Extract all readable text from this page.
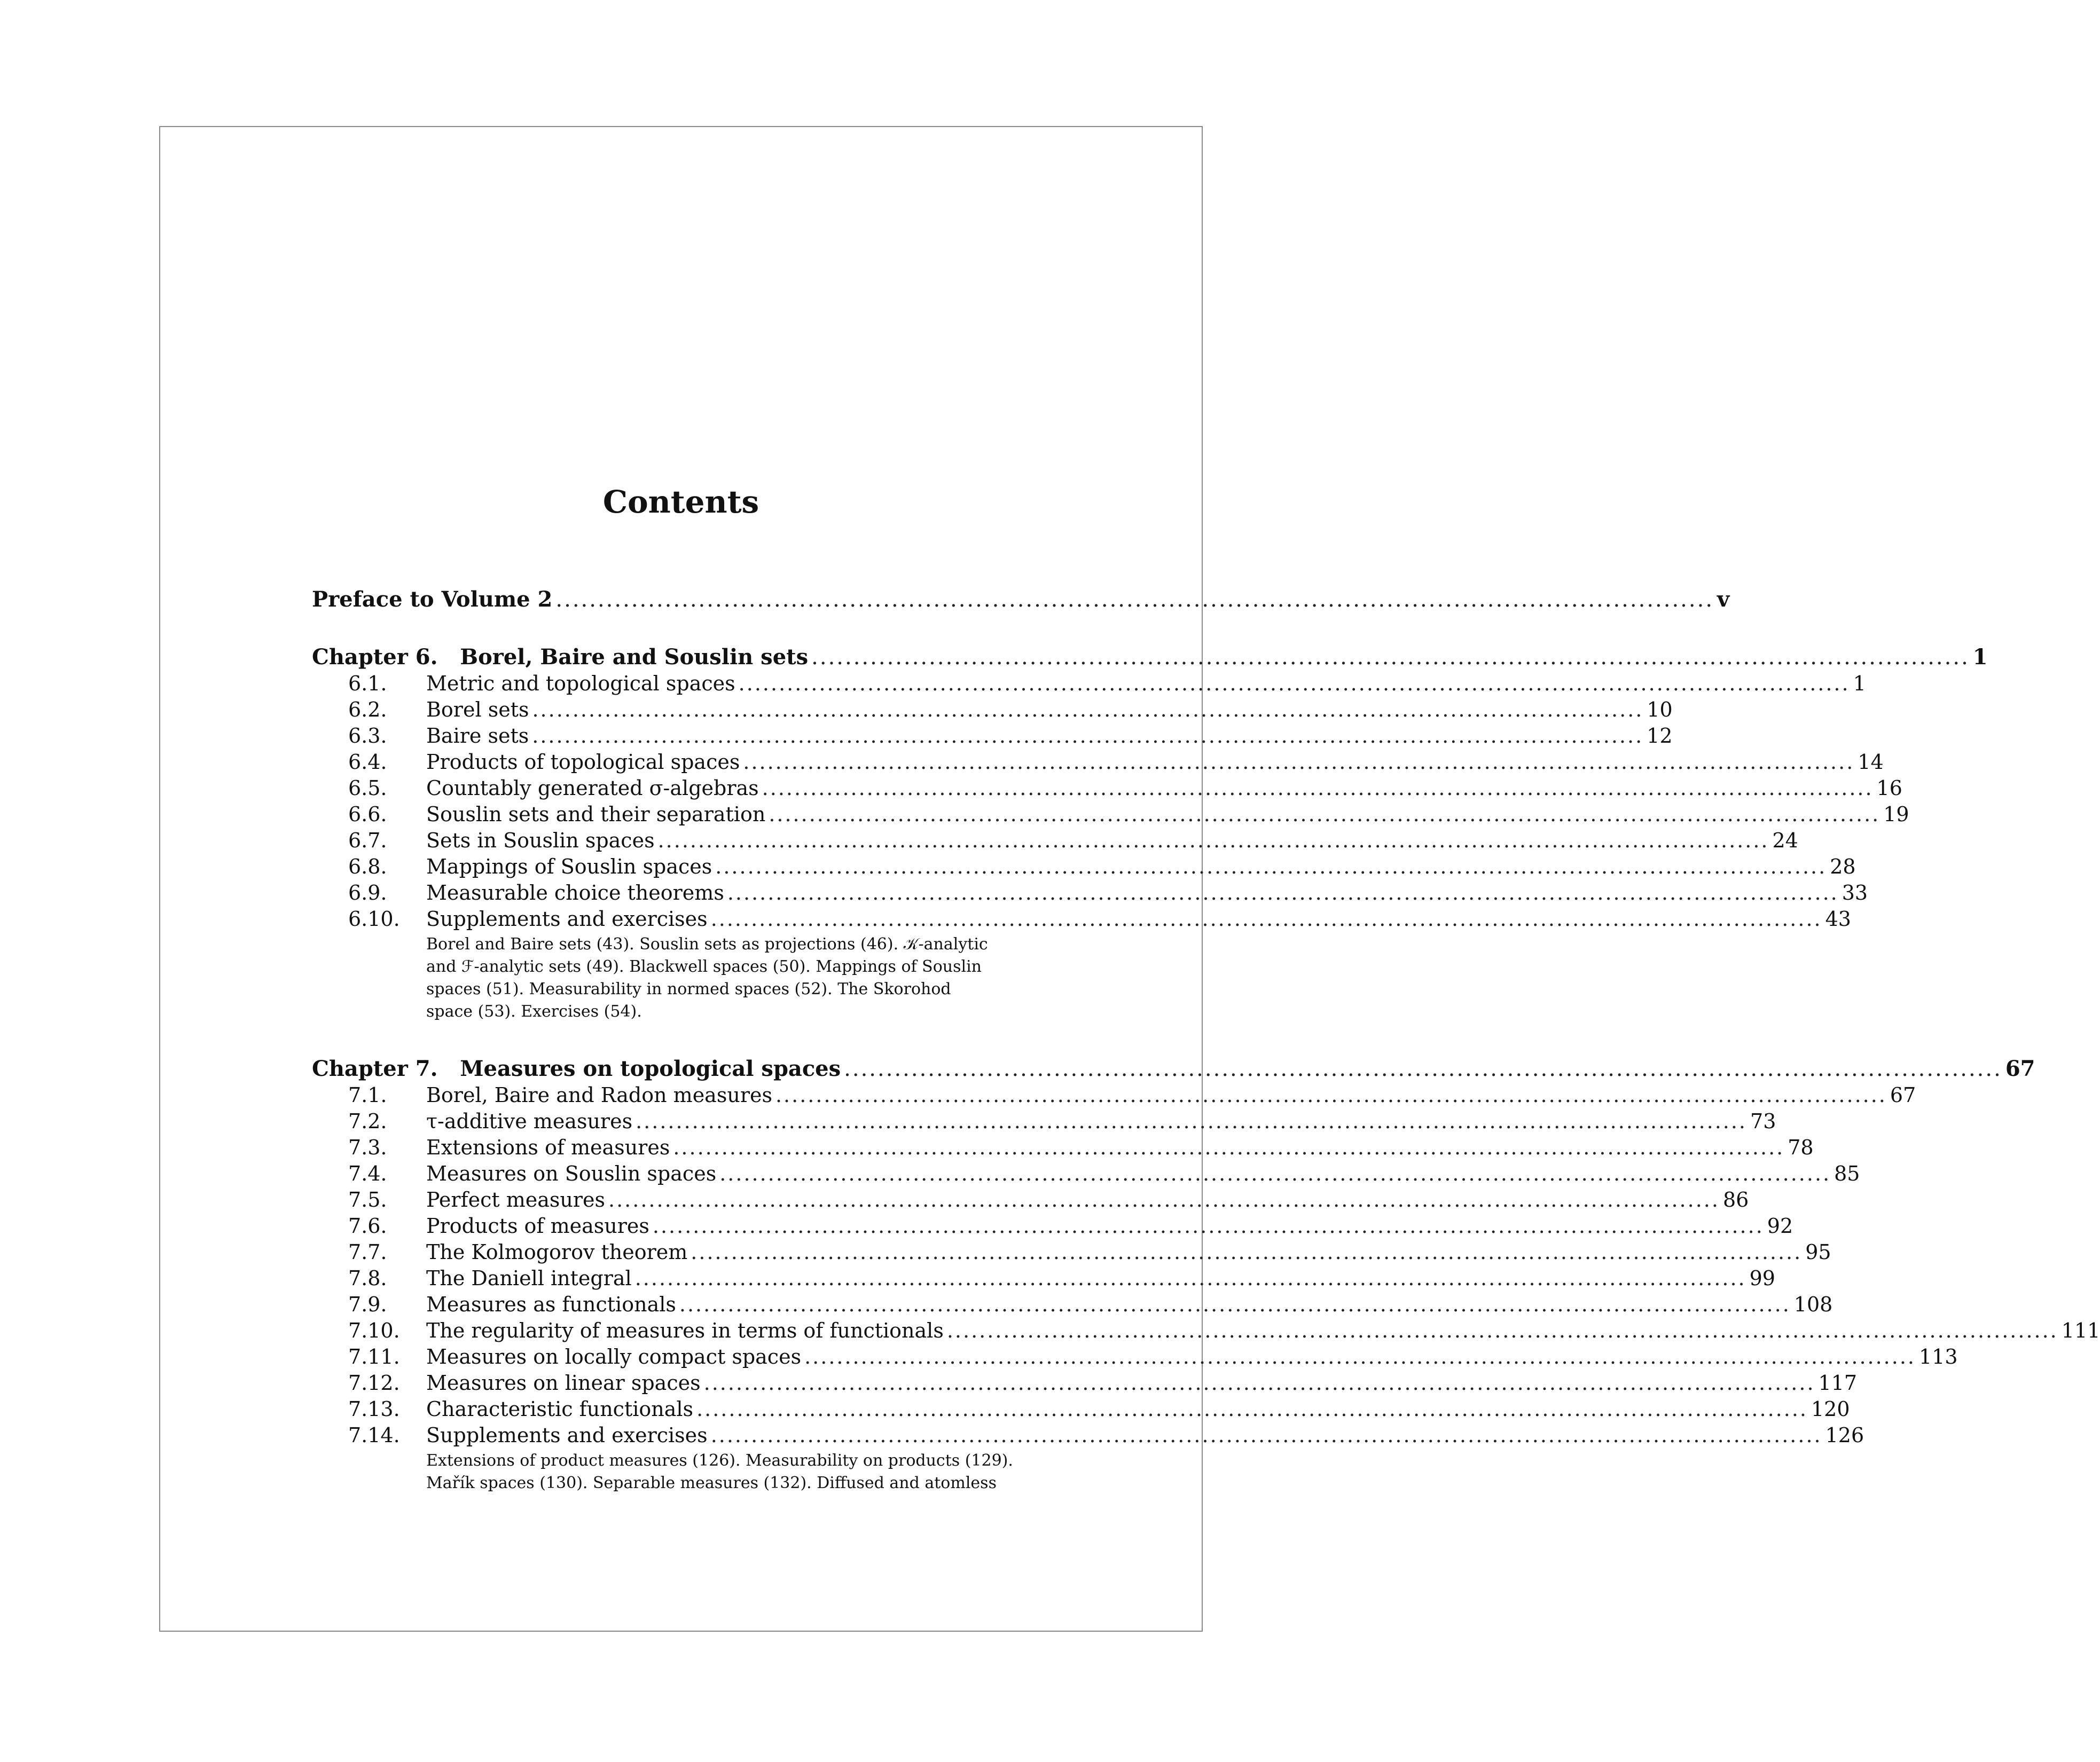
Contents
Preface to Volume 2 .......................................................................................................................................... v
Chapter 6. Borel, Baire and Souslin sets .......................................................................................................................................... 1
6.1. Metric and topological spaces .......................................................................................................................................... 1
6.2. Borel sets .......................................................................................................................................... 10
6.3. Baire sets .......................................................................................................................................... 12
6.4. Products of topological spaces .......................................................................................................................................... 14
6.5. Countably generated σ-algebras .......................................................................................................................................... 16
6.6. Souslin sets and their separation .......................................................................................................................................... 19
6.7. Sets in Souslin spaces .......................................................................................................................................... 24
6.8. Mappings of Souslin spaces .......................................................................................................................................... 28
6.9. Measurable choice theorems .......................................................................................................................................... 33
6.10. Supplements and exercises .......................................................................................................................................... 43
Borel and Baire sets (43). Souslin sets as projections (46). 𝒦-analytic
and ℱ-analytic sets (49). Blackwell spaces (50). Mappings of Souslin
spaces (51). Measurability in normed spaces (52). The Skorohod
space (53). Exercises (54).
Chapter 7. Measures on topological spaces .......................................................................................................................................... 67
7.1. Borel, Baire and Radon measures .......................................................................................................................................... 67
7.2. τ-additive measures .......................................................................................................................................... 73
7.3. Extensions of measures .......................................................................................................................................... 78
7.4. Measures on Souslin spaces .......................................................................................................................................... 85
7.5. Perfect measures .......................................................................................................................................... 86
7.6. Products of measures .......................................................................................................................................... 92
7.7. The Kolmogorov theorem .......................................................................................................................................... 95
7.8. The Daniell integral .......................................................................................................................................... 99
7.9. Measures as functionals .......................................................................................................................................... 108
7.10. The regularity of measures in terms of functionals .......................................................................................................................................... 111
7.11. Measures on locally compact spaces .......................................................................................................................................... 113
7.12. Measures on linear spaces .......................................................................................................................................... 117
7.13. Characteristic functionals .......................................................................................................................................... 120
7.14. Supplements and exercises .......................................................................................................................................... 126
Extensions of product measures (126). Measurability on products (129).
Mařík spaces (130). Separable measures (132). Diffused and atomless
